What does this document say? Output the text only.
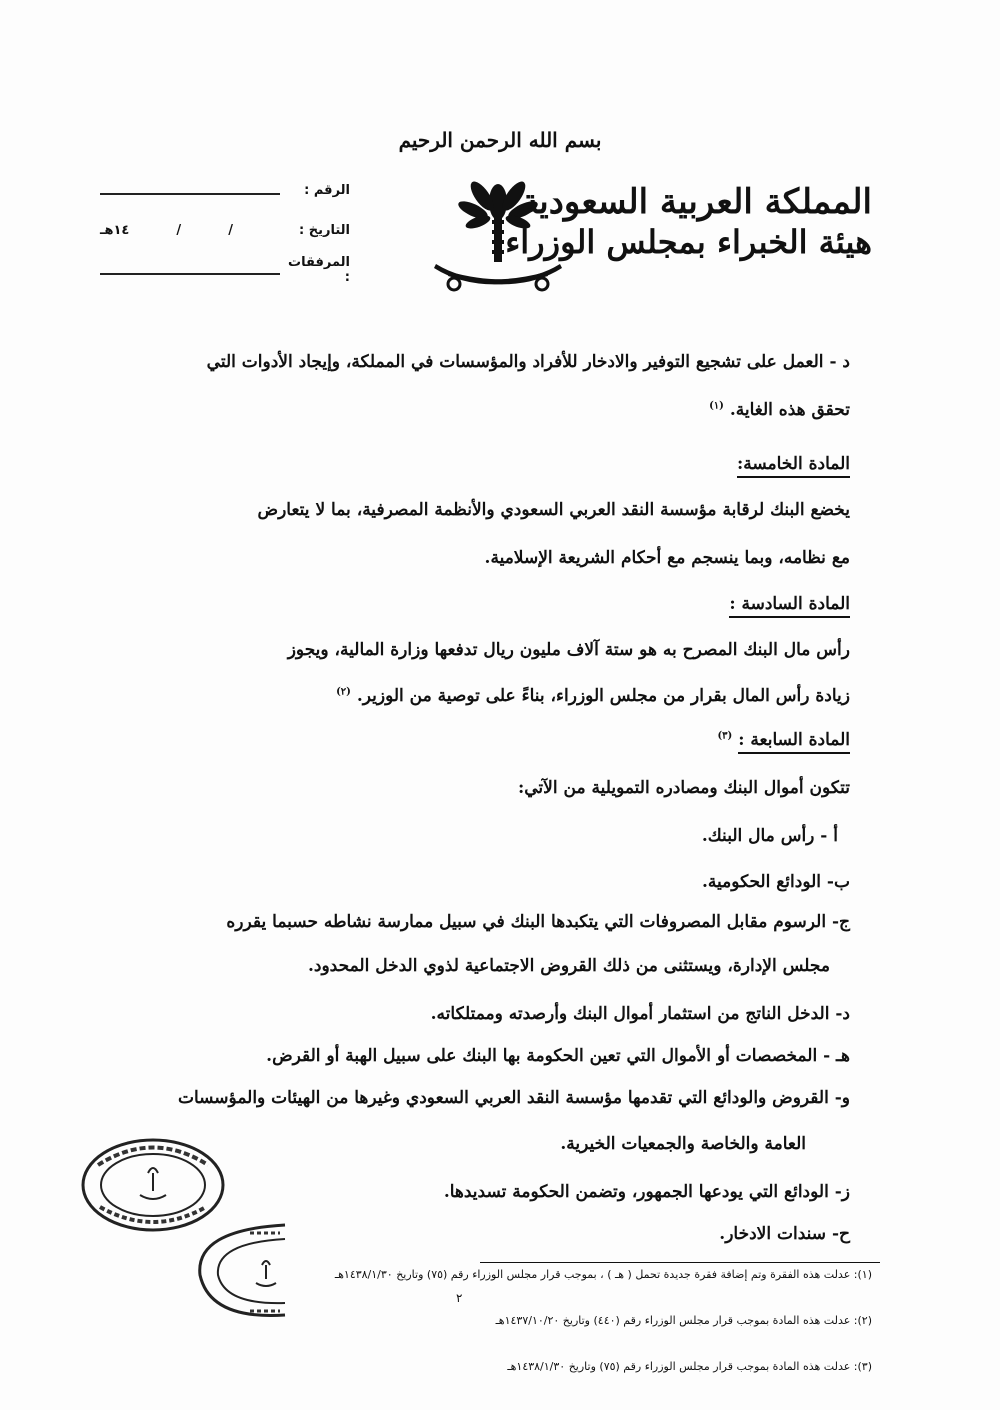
بسم الله الرحمن الرحيم
المملكة العربية السعودية
هيئة الخبراء بمجلس الوزراء
الرقم :
التاريخ :
١٤هـ	/	/
المرفقات :
د - العمل على تشجيع التوفير والادخار للأفراد والمؤسسات في المملكة، وإيجاد الأدوات التي
تحقق هذه الغاية. $^{(١)}$
المادة الخامسة:
يخضع البنك لرقابة مؤسسة النقد العربي السعودي والأنظمة المصرفية، بما لا يتعارض
مع نظامه، وبما ينسجم مع أحكام الشريعة الإسلامية.
المادة السادسة :
رأس مال البنك المصرح به هو ستة آلاف مليون ريال تدفعها وزارة المالية، ويجوز
زيادة رأس المال بقرار من مجلس الوزراء، بناءً على توصية من الوزير. $^{(٢)}$
المادة السابعة : $^{(٣)}$
تتكون أموال البنك ومصادره التمويلية من الآتي:
أ - رأس مال البنك.
ب- الودائع الحكومية.
ج- الرسوم مقابل المصروفات التي يتكبدها البنك في سبيل ممارسة نشاطه حسبما يقرره
مجلس الإدارة، ويستثنى من ذلك القروض الاجتماعية لذوي الدخل المحدود.
د- الدخل الناتج من استثمار أموال البنك وأرصدته وممتلكاته.
هـ - المخصصات أو الأموال التي تعين الحكومة بها البنك على سبيل الهبة أو القرض.
و- القروض والودائع التي تقدمها مؤسسة النقد العربي السعودي وغيرها من الهيئات والمؤسسات
العامة والخاصة والجمعيات الخيرية.
ز- الودائع التي يودعها الجمهور، وتضمن الحكومة تسديدها.
ح- سندات الادخار.
(١): عدلت هذه الفقرة وتم إضافة فقرة جديدة تحمل ( هـ ) ، بموجب قرار مجلس الوزراء رقم (٧٥) وتاريخ ١٤٣٨/١/٣٠هـ
٢
(٢): عدلت هذه المادة بموجب قرار مجلس الوزراء رقم (٤٤٠) وتاريخ ١٤٣٧/١٠/٢٠هـ
(٣): عدلت هذه المادة بموجب قرار مجلس الوزراء رقم (٧٥) وتاريخ ١٤٣٨/١/٣٠هـ
